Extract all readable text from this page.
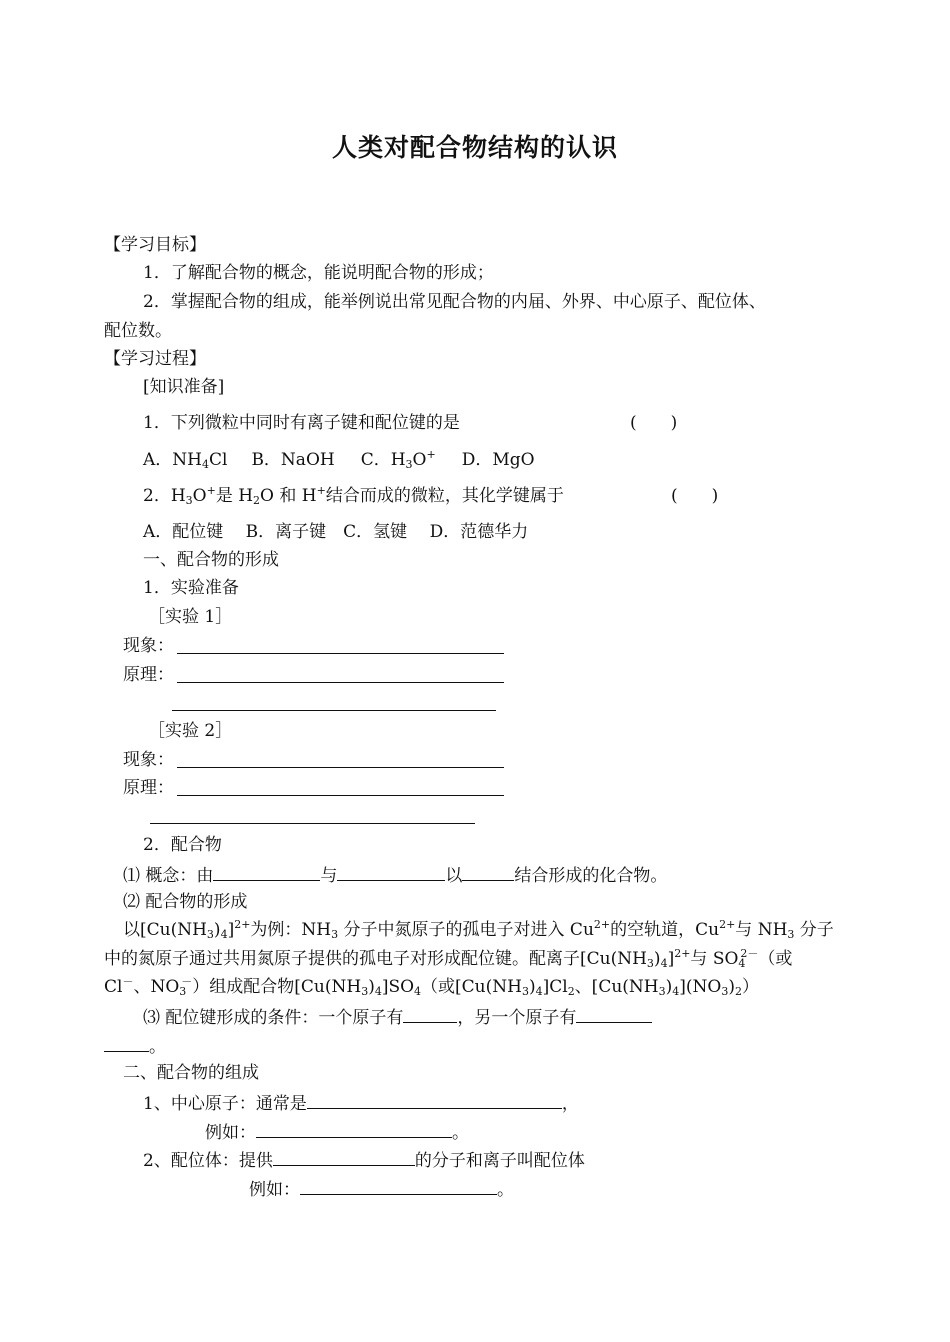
人类对配合物结构的认识
【学习目标】
1．了解配合物的概念，能说明配合物的形成；
2．掌握配合物的组成，能举例说出常见配合物的内届、外界、中心原子、配位体、
配位数。
【学习过程】
[知识准备]
1．下列微粒中同时有离子键和配位键的是	(　　)
A．$NH_4Cl$ B．NaOH C．$H_3O^+$ D．MgO
2．$H_3O^+$是 $H_2O$ 和 H+结合而成的微粒，其化学键属于	(　　)
A．配位键　 B．离子键　C．氢键　 D．范德华力
一、配合物的形成
1．实验准备
［实验 1］
现象：
原理：
［实验 2］
现象：
原理：
2．配合物
⑴ 概念：由	与	以	结合形成的化合物。
⑵ 配合物的形成
以$[Cu(NH_3)_4]^{2+}$为例：$NH_3$ 分子中氮原子的孤电子对进入 $Cu^{2+}$的空轨道，$Cu^{2+}$与 $NH_3$ 分子
中的氮原子通过共用氮原子提供的孤电子对形成配位键。配离子$[Cu(NH_3)_4]^{2+}$与 $SO_4^{2-}$（或
Cl－、$NO_3^-$）组成配合物$[Cu(NH_3)_4]SO_4$（或$[Cu(NH_3)_4]Cl_2$、$[Cu(NH_3)_4](NO_3)_2$）
⑶ 配位键形成的条件：一个原子有	，另一个原子有
。
二、配合物的组成
1、中心原子：通常是	，
例如：	。
2、配位体：提供	的分子和离子叫配位体
例如：	。
